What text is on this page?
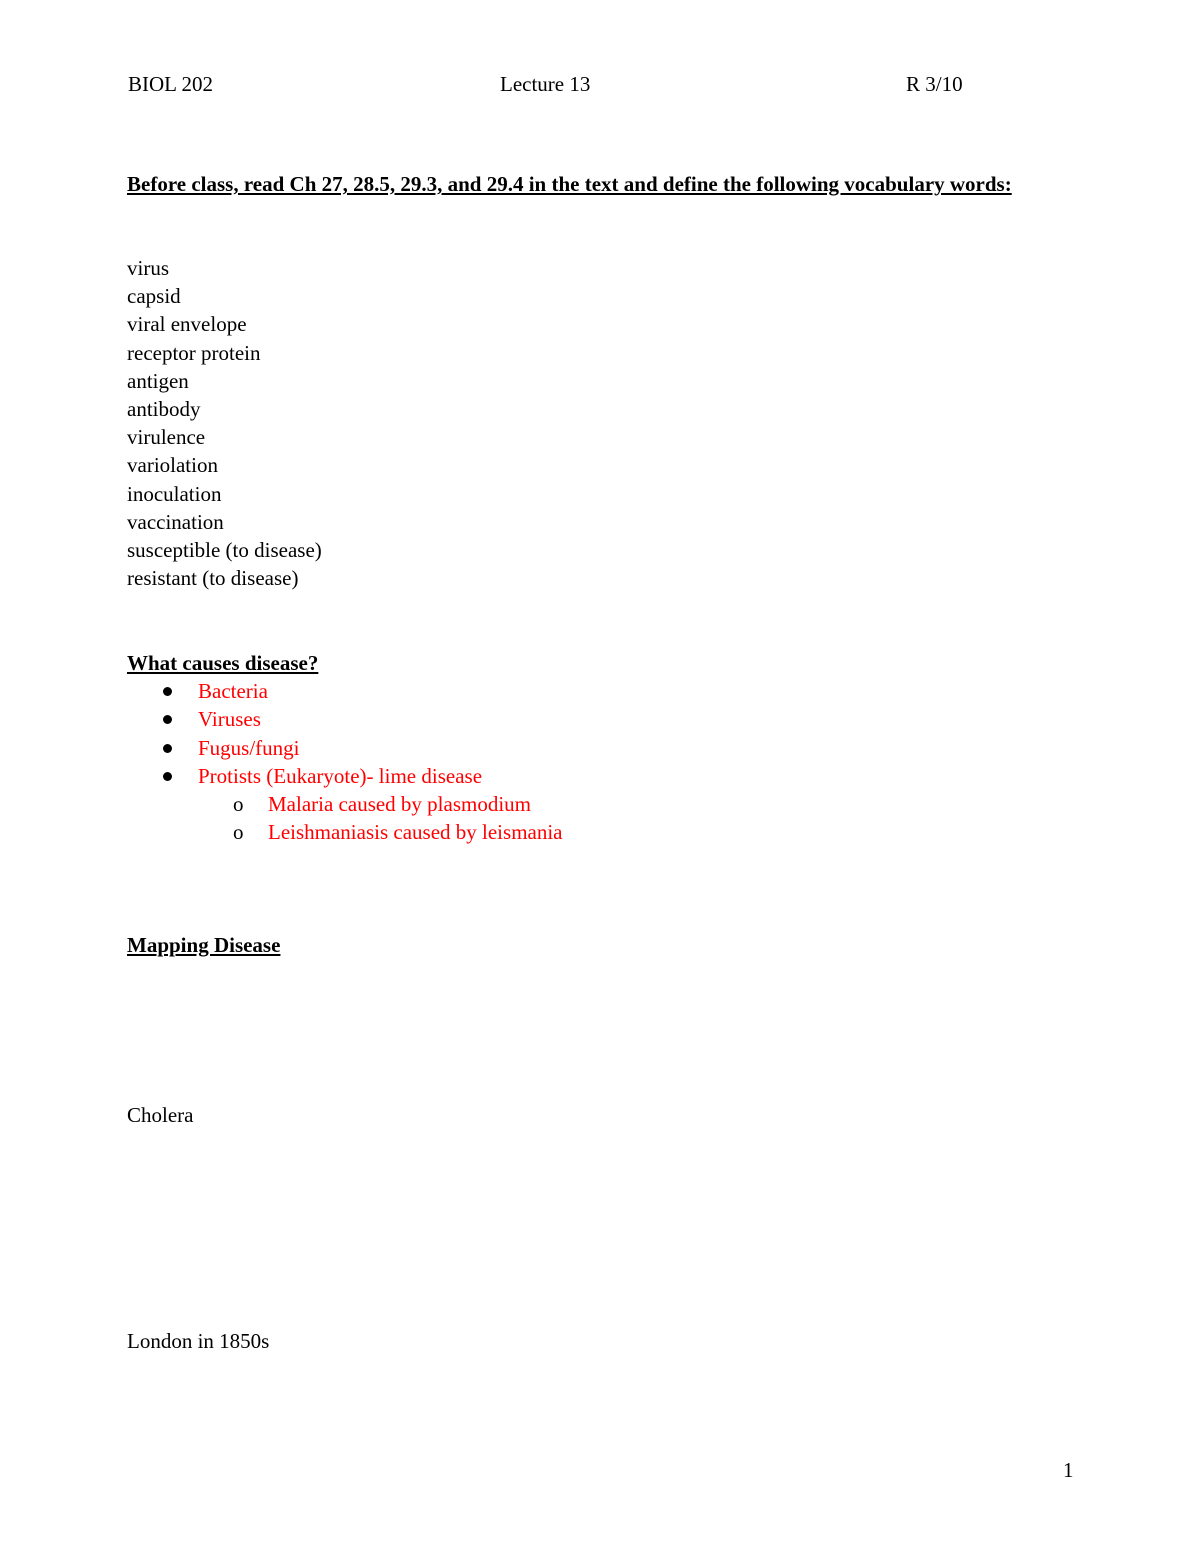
BIOL 202	Lecture 13	R 3/10
Before class, read Ch 27, 28.5, 29.3, and 29.4 in the text and define the following vocabulary words:
virus
capsid
viral envelope
receptor protein
antigen
antibody
virulence
variolation
inoculation
vaccination
susceptible (to disease)
resistant (to disease)
What causes disease?
Bacteria
Viruses
Fugus/fungi
Protists (Eukaryote)- lime disease
o Malaria caused by plasmodium
o Leishmaniasis caused by leismania
Mapping Disease
Cholera
London in 1850s
1
